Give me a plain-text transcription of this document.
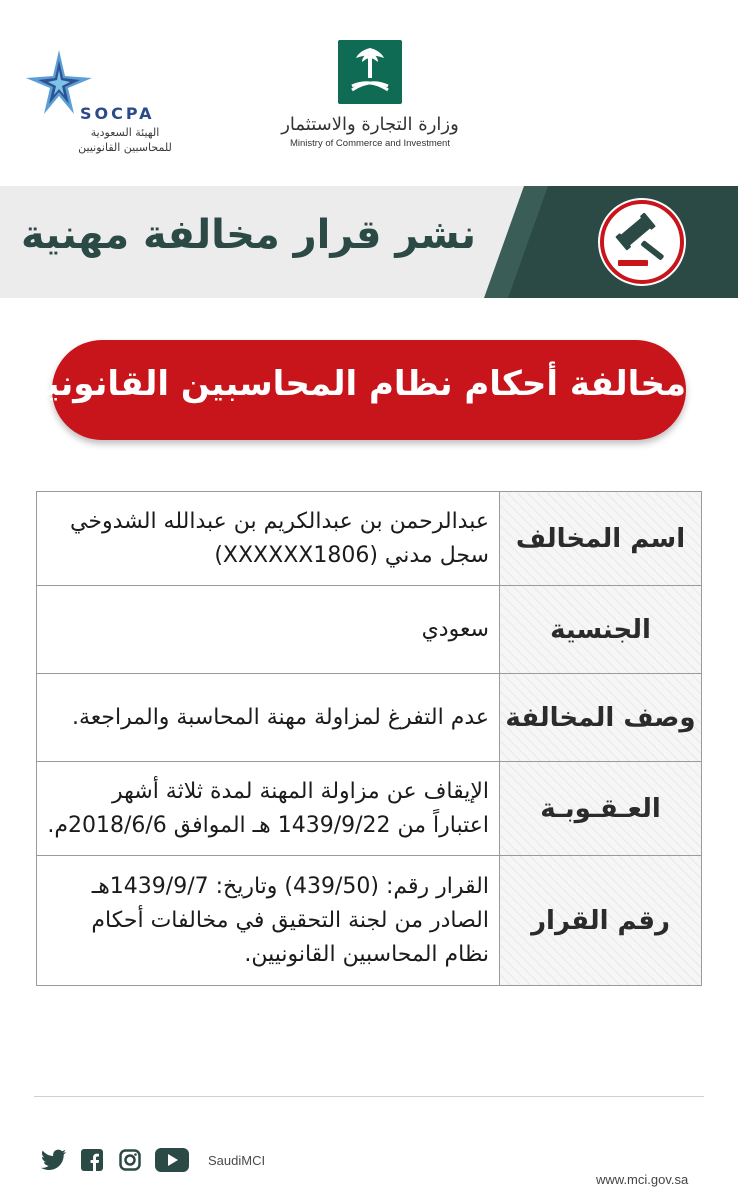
SOCPA
الهيئة السعودية
للمحاسبين القانونيين
وزارة التجارة والاستثمار
Ministry of Commerce and Investment
نشر قرار مخالفة مهنية
مخالفة أحكام نظام المحاسبين القانونيين
اسم المخالف	عبدالرحمن بن عبدالكريم بن عبدالله الشدوخي
سجل مدني (XXXXXX1806)

الجنسية	سعودي

وصف المخالفة	عدم التفرغ لمزاولة مهنة المحاسبة والمراجعة.

العـقـوبـة	الإيقاف عن مزاولة المهنة لمدة ثلاثة أشهر
اعتباراً من 1439/9/22 هـ الموافق 2018/6/6م.

رقم القرار	القرار رقم: (439/50) وتاريخ: 1439/9/7هـ
الصادر من لجنة التحقيق في مخالفات أحكام
نظام المحاسبين القانونيين.
SaudiMCI
www.mci.gov.sa
